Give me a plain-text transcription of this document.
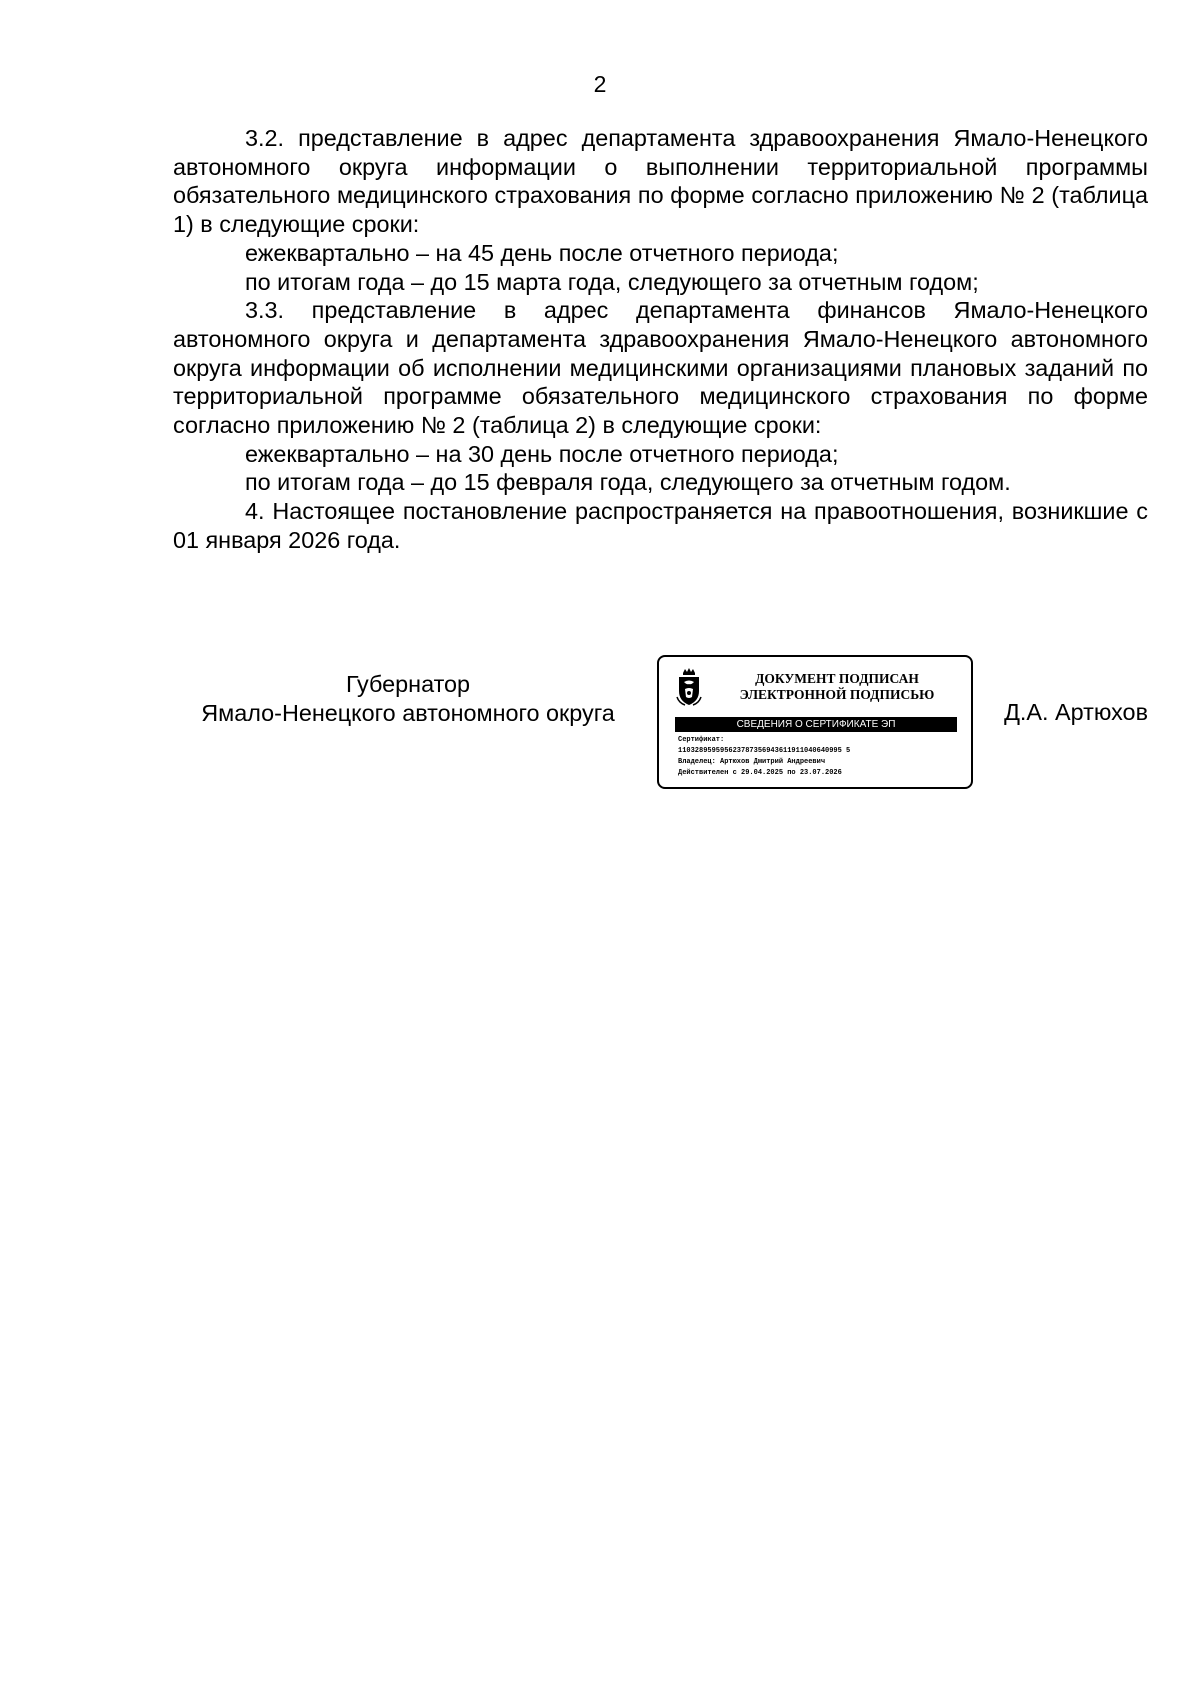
2

3.2. представление в адрес департамента здравоохранения Ямало-Ненецкого автономного округа информации о выполнении территориальной программы обязательного медицинского страхования по форме согласно приложению № 2 (таблица 1) в следующие сроки:

ежеквартально – на 45 день после отчетного периода;

по итогам года – до 15 марта года, следующего за отчетным годом;

3.3. представление в адрес департамента финансов Ямало-Ненецкого автономного округа и департамента здравоохранения Ямало-Ненецкого автономного округа информации об исполнении медицинскими организациями плановых заданий по территориальной программе обязательного медицинского страхования по форме согласно приложению № 2 (таблица 2) в следующие сроки:

ежеквартально – на 30 день после отчетного периода;

по итогам года – до 15 февраля года, следующего за отчетным годом.

4. Настоящее постановление распространяется на правоотношения, возникшие с 01 января 2026 года.

Губернатор
Ямало-Ненецкого автономного округа
ДОКУМЕНТ ПОДПИСАН
ЭЛЕКТРОННОЙ ПОДПИСЬЮ
СВЕДЕНИЯ О СЕРТИФИКАТЕ ЭП
Сертификат:
110328959595623787356943611911040640995 5
Владелец: Артюхов Дмитрий Андреевич
Действителен с 29.04.2025 по 23.07.2026
Д.А. Артюхов
